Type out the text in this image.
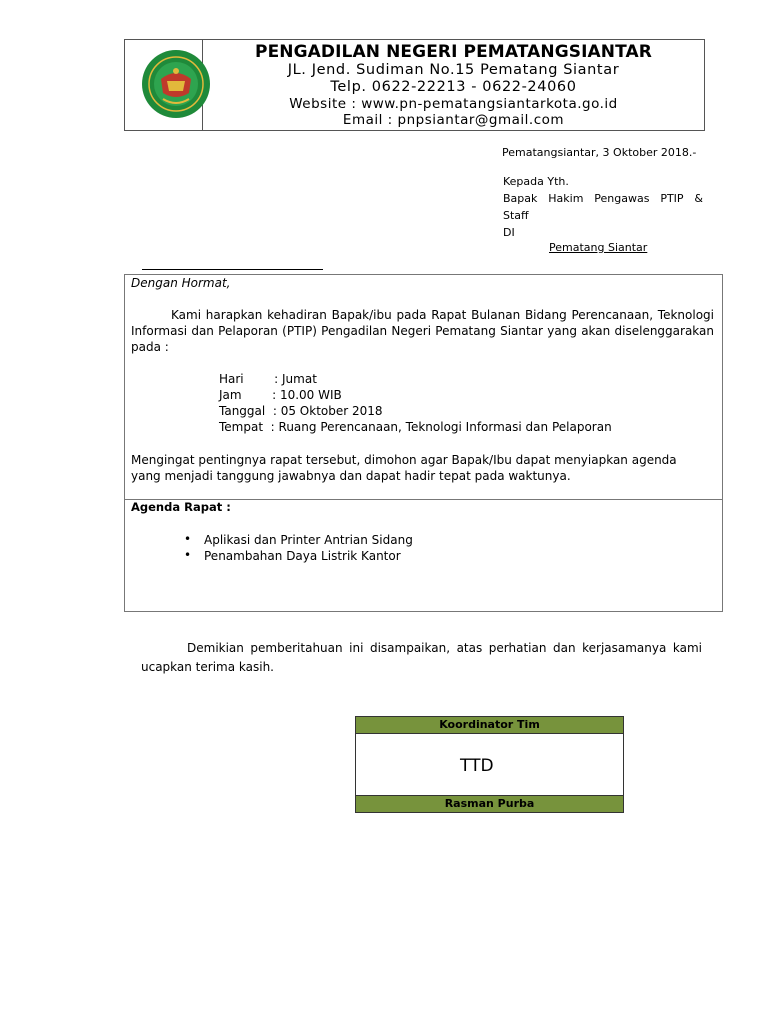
PENGADILAN NEGERI PEMATANGSIANTAR
JL. Jend. Sudiman No.15 Pematang Siantar
Telp. 0622-22213 - 0622-24060
Website : www.pn-pematangsiantarkota.go.id
Email : pnpsiantar@gmail.com
Pematangsiantar, 3 Oktober 2018.-
Kepada Yth.
Bapak Hakim Pengawas PTIP &
Staff
DI
Pematang Siantar
Dengan Hormat,
Kami harapkan kehadiran Bapak/ibu pada Rapat Bulanan Bidang Perencanaan, Teknologi Informasi dan Pelaporan (PTIP) Pengadilan Negeri Pematang Siantar yang akan diselenggarakan pada :
Hari        : Jumat
Jam        : 10.00 WIB
Tanggal  : 05 Oktober 2018
Tempat  : Ruang Perencanaan, Teknologi Informasi dan Pelaporan
Mengingat pentingnya rapat tersebut, dimohon agar Bapak/Ibu dapat menyiapkan agenda yang menjadi tanggung jawabnya dan dapat hadir tepat pada waktunya.
Agenda Rapat :
• Aplikasi dan Printer Antrian Sidang
• Penambahan Daya Listrik Kantor
Demikian pemberitahuan ini disampaikan, atas perhatian dan kerjasamanya kami ucapkan terima kasih.
Koordinator Tim
TTD
Rasman Purba
